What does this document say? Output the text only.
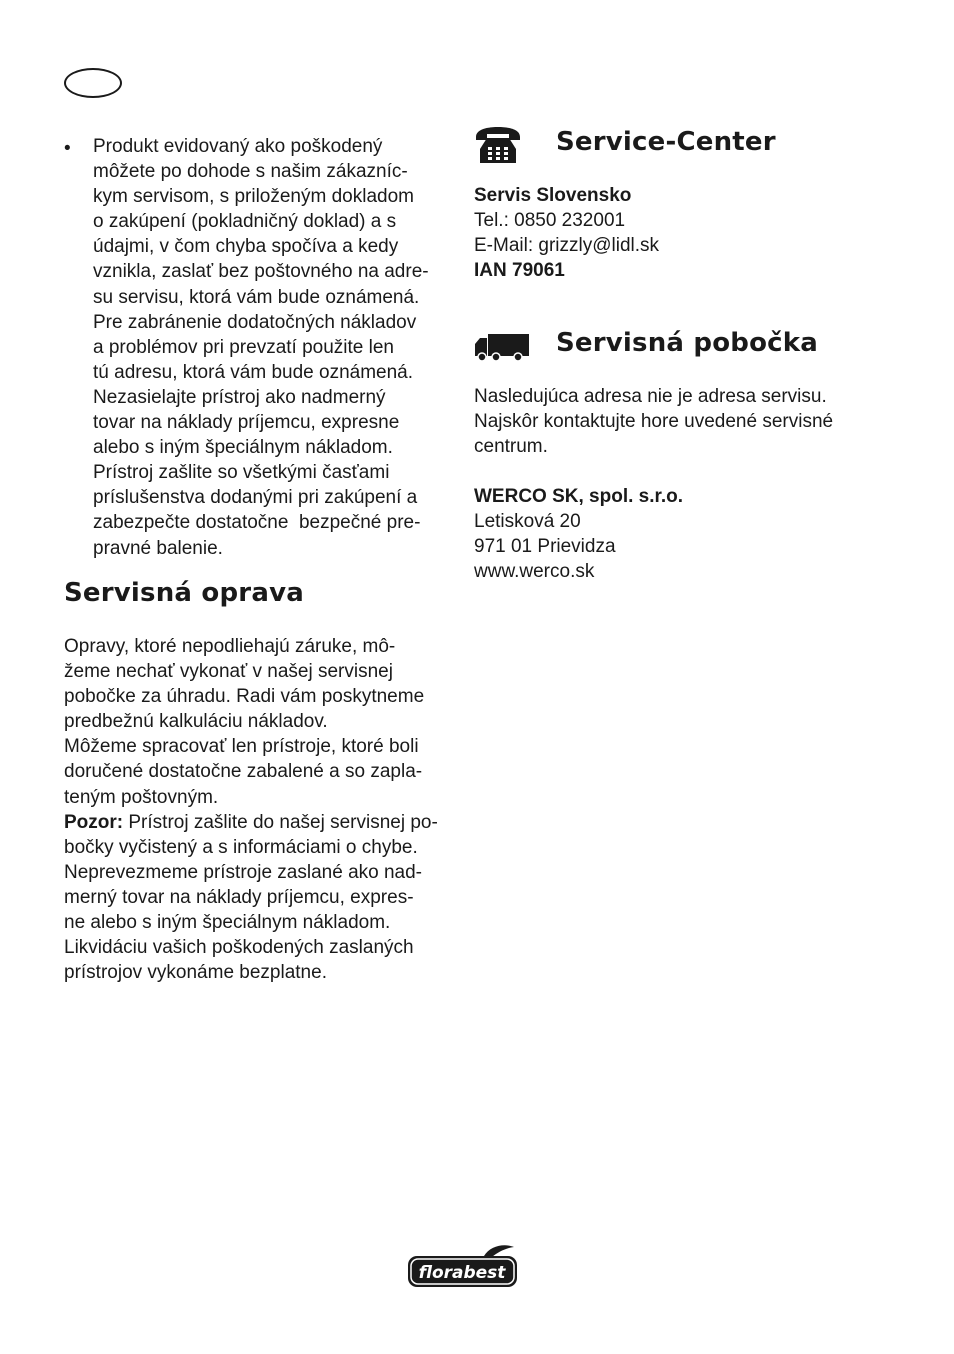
• Produkt evidovaný ako poškodený
môžete po dohode s našim zákazníc-
kym servisom, s priloženým dokladom
o zakúpení (pokladničný doklad) a s
údajmi, v čom chyba spočíva a kedy
vznikla, zaslať bez poštovného na adre-
su servisu, ktorá vám bude oznámená.
Pre zabránenie dodatočných nákladov
a problémov pri prevzatí použite len
tú adresu, ktorá vám bude oznámená.
Nezasielajte prístroj ako nadmerný
tovar na náklady príjemcu, expresne
alebo s iným špeciálnym nákladom.
Prístroj zašlite so všetkými časťami
príslušenstva dodanými pri zakúpení a
zabezpečte dostatočne  bezpečné pre-
pravné balenie.
Servisná oprava
Opravy, ktoré nepodliehajú záruke, mô-
žeme nechať vykonať v našej servisnej
pobočke za úhradu. Radi vám poskytneme
predbežnú kalkuláciu nákladov.
Môžeme spracovať len prístroje, ktoré boli
doručené dostatočne zabalené a so zapla-
teným poštovným.
Pozor: Prístroj zašlite do našej servisnej po-
bočky vyčistený a s informáciami o chybe.
Neprevezmeme prístroje zaslané ako nad-
merný tovar na náklady príjemcu, expres-
ne alebo s iným špeciálnym nákladom.
Likvidáciu vašich poškodených zaslaných
prístrojov vykonáme bezplatne.
Service-Center
Servis Slovensko
Tel.: 0850 232001
E-Mail: grizzly@lidl.sk
IAN 79061
Servisná pobočka
Nasledujúca adresa nie je adresa servisu.
Najskôr kontaktujte hore uvedené servisné
centrum.
WERCO SK, spol. s.r.o.
Letisková 20
971 01 Prievidza
www.werco.sk
florabest
